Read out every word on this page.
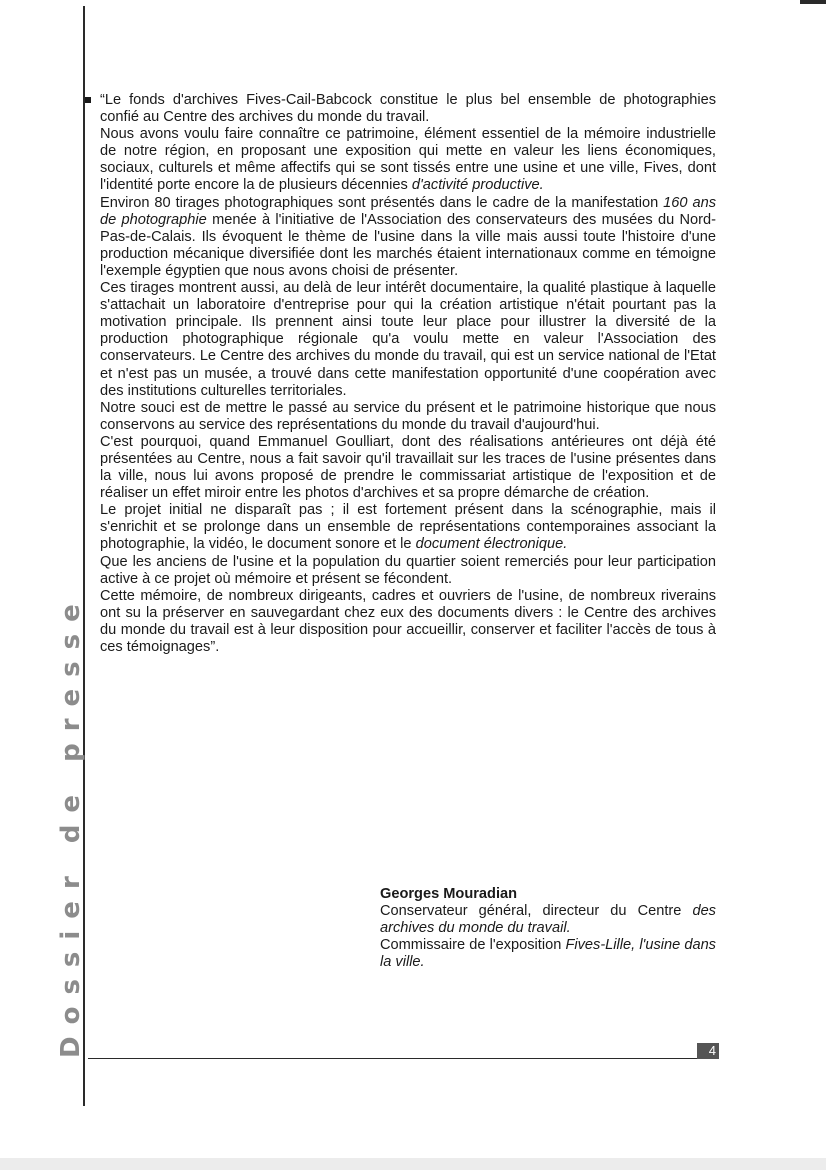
Dossier de presse

“Le fonds d'archives Fives-Cail-Babcock constitue le plus bel ensemble de photographies confié au Centre des archives du monde du travail.

Nous avons voulu faire connaître ce patrimoine, élément essentiel de la mémoire industrielle de notre région, en proposant une exposition qui mette en valeur les liens économiques, sociaux, culturels et même affectifs qui se sont tissés entre une usine et une ville, Fives, dont l'identité porte encore la de plusieurs décennies d'activité productive.

Environ 80 tirages photographiques sont présentés dans le cadre de la manifestation 160 ans de photographie menée à l'initiative de l'Association des conservateurs des musées du Nord-Pas-de-Calais. Ils évoquent le thème de l'usine dans la ville mais aussi toute l'histoire d'une production mécanique diversifiée dont les marchés étaient internationaux comme en témoigne l'exemple égyptien que nous avons choisi de présenter.

Ces tirages montrent aussi, au delà de leur intérêt documentaire, la qualité plastique à laquelle s'attachait un laboratoire d'entreprise pour qui la création artistique n'était pourtant pas la motivation principale. Ils prennent ainsi toute leur place pour illustrer la diversité de la production photographique régionale qu'a voulu mette en valeur l'Association des conservateurs. Le Centre des archives du monde du travail, qui est un service national de l'Etat et n'est pas un musée, a trouvé dans cette manifestation opportunité d'une coopération avec des institutions culturelles territoriales.

Notre souci est de mettre le passé au service du présent et le patrimoine historique que nous conservons au service des représentations du monde du travail d'aujourd'hui.

C'est pourquoi, quand Emmanuel Goulliart, dont des réalisations antérieures ont déjà été présentées au Centre, nous a fait savoir qu'il travaillait sur les traces de l'usine présentes dans la ville, nous lui avons proposé de prendre le commissariat artistique de l'exposition et de réaliser un effet miroir entre les photos d'archives et sa propre démarche de création.

Le projet initial ne disparaît pas ; il est fortement présent dans la scénographie, mais il s'enrichit et se prolonge dans un ensemble de représentations contemporaines associant la photographie, la vidéo, le document sonore et le document électronique.

Que les anciens de l'usine et la population du quartier soient remerciés pour leur participation active à ce projet où mémoire et présent se fécondent.

Cette mémoire, de nombreux dirigeants, cadres et ouvriers de l'usine, de nombreux riverains ont su la préserver en sauvegardant chez eux des documents divers : le Centre des archives du monde du travail est à leur disposition pour accueillir, conserver et faciliter l'accès de tous à ces témoignages”.

Georges Mouradian

Conservateur général, directeur du Centre des archives du monde du travail.

Commissaire de l'exposition Fives-Lille, l'usine dans la ville.

4
